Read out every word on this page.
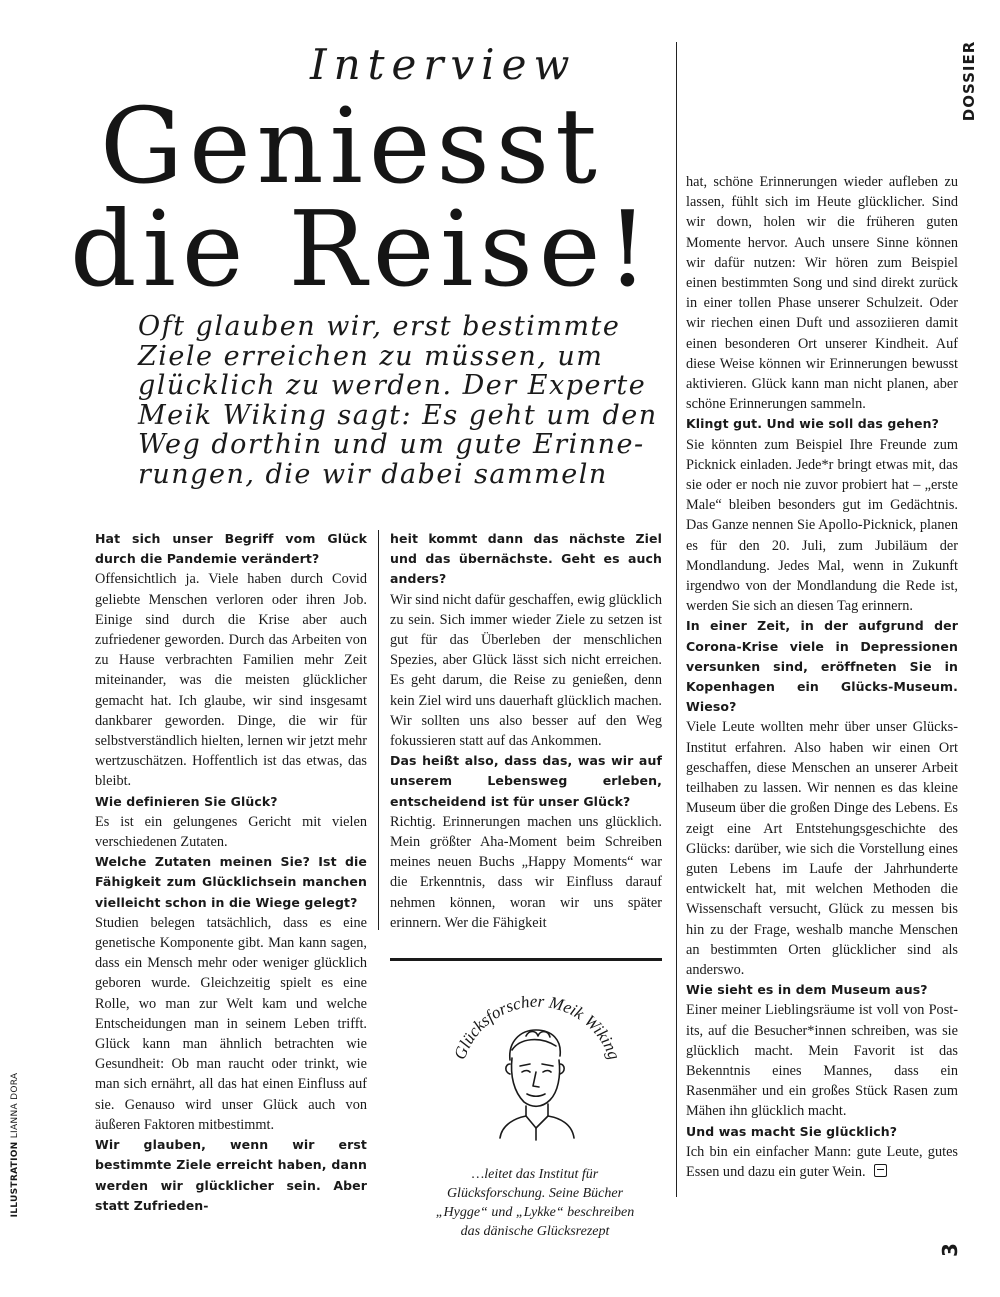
Interview
Geniesst
die Reise!
Oft glauben wir, erst bestimmte
Ziele erreichen zu müssen, um
glücklich zu werden. Der Experte
Meik Wiking sagt: Es geht um den
Weg dorthin und um gute Erinne-
rungen, die wir dabei sammeln
DOSSIER
Hat sich unser Begriff vom Glück durch die Pandemie verändert?
Offensichtlich ja. Viele haben durch Covid geliebte Menschen verloren oder ihren Job. Einige sind durch die Krise aber auch zufriedener geworden. Durch das Arbeiten von zu Hause verbrachten Familien mehr Zeit miteinander, was die meisten glücklicher gemacht hat. Ich glaube, wir sind insgesamt dankbarer geworden. Dinge, die wir für selbstverständlich hielten, lernen wir jetzt mehr wertzuschätzen. Hoffentlich ist das etwas, das bleibt.
Wie definieren Sie Glück?
Es ist ein gelungenes Gericht mit vielen verschiedenen Zutaten.
Welche Zutaten meinen Sie? Ist die Fähigkeit zum Glücklichsein manchen vielleicht schon in die Wiege gelegt?
Studien belegen tatsächlich, dass es eine genetische Komponente gibt. Man kann sagen, dass ein Mensch mehr oder weniger glücklich geboren wurde. Gleichzeitig spielt es eine Rolle, wo man zur Welt kam und welche Entscheidungen man in seinem Leben trifft. Glück kann man ähnlich betrachten wie Gesundheit: Ob man raucht oder trinkt, wie man sich ernährt, all das hat einen Einfluss auf sie. Genauso wird unser Glück auch von äußeren Faktoren mitbestimmt.
Wir glauben, wenn wir erst bestimmte Ziele erreicht haben, dann werden wir glücklicher sein. Aber statt Zufrieden-
heit kommt dann das nächste Ziel und das übernächste. Geht es auch anders?
Wir sind nicht dafür geschaffen, ewig glücklich zu sein. Sich immer wieder Ziele zu setzen ist gut für das Überleben der menschlichen Spezies, aber Glück lässt sich nicht erreichen. Es geht darum, die Reise zu genießen, denn kein Ziel wird uns dauerhaft glücklich machen. Wir sollten uns also besser auf den Weg fokussieren statt auf das Ankommen.
Das heißt also, dass das, was wir auf unserem Lebensweg erleben, entscheidend ist für unser Glück?
Richtig. Erinnerungen machen uns glücklich. Mein größter Aha-Moment beim Schreiben meines neuen Buchs „Happy Moments“ war die Erkenntnis, dass wir Einfluss darauf nehmen können, woran wir uns später erinnern. Wer die Fähigkeit
hat, schöne Erinnerungen wieder aufleben zu lassen, fühlt sich im Heute glücklicher. Sind wir down, holen wir die früheren guten Momente hervor. Auch unsere Sinne können wir dafür nutzen: Wir hören zum Beispiel einen bestimmten Song und sind direkt zurück in einer tollen Phase unserer Schulzeit. Oder wir riechen einen Duft und assoziieren damit einen besonderen Ort unserer Kindheit. Auf diese Weise können wir Erinnerungen bewusst aktivieren. Glück kann man nicht planen, aber schöne Erinnerungen sammeln.
Klingt gut. Und wie soll das gehen?
Sie könnten zum Beispiel Ihre Freunde zum Picknick einladen. Jede*r bringt etwas mit, das sie oder er noch nie zuvor probiert hat – „erste Male“ bleiben besonders gut im Gedächtnis. Das Ganze nennen Sie Apollo-Picknick, planen es für den 20. Juli, zum Jubiläum der Mondlandung. Jedes Mal, wenn in Zukunft irgendwo von der Mondlandung die Rede ist, werden Sie sich an diesen Tag erinnern.
In einer Zeit, in der aufgrund der Corona-Krise viele in Depressionen versunken sind, eröffneten Sie in Kopenhagen ein Glücks-Museum. Wieso?
Viele Leute wollten mehr über unser Glücks-Institut erfahren. Also haben wir einen Ort geschaffen, diese Menschen an unserer Arbeit teilhaben zu lassen. Wir nennen es das kleine Museum über die großen Dinge des Lebens. Es zeigt eine Art Entstehungsgeschichte des Glücks: darüber, wie sich die Vorstellung eines guten Lebens im Laufe der Jahrhunderte entwickelt hat, mit welchen Methoden die Wissenschaft versucht, Glück zu messen bis hin zu der Frage, weshalb manche Menschen an bestimmten Orten glücklicher sind als anderswo.
Wie sieht es in dem Museum aus?
Einer meiner Lieblingsräume ist voll von Post-its, auf die Besucher*innen schreiben, was sie glücklich macht. Mein Favorit ist das Bekenntnis eines Mannes, dass ein Rasenmäher und ein großes Stück Rasen zum Mähen ihn glücklich macht.
Und was macht Sie glücklich?
Ich bin ein einfacher Mann: gute Leute, gutes Essen und dazu ein guter Wein.
Glücksforscher Meik Wiking
…leitet das Institut für Glücksforschung. Seine Bücher „Hygge“ und „Lykke“ beschreiben das dänische Glücksrezept
ILLUSTRATION LIANNA DORA
3
